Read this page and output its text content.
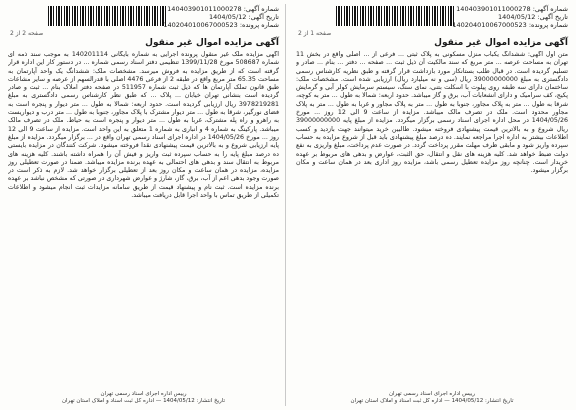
شماره آگهی: 140403901011000278
تاریخ آگهی: 1404/05/12
شماره پرونده: 140204010067000523
صفحه 2 از 2
آگهی مزایده اموال غیر منقول
آگهی مزایده ملک غیر منقول پرونده اجرایی به شماره بایگانی 140201114 به موجب سند ذمه ای شماره 508687 مورخ 1399/11/28 تنظیمی دفتر اسناد رسمی شماره ... در دستور کار این اداره قرار گرفته است که از طریق مزایده به فروش میرسد. مشخصات ملک: ششدانگ یک واحد آپارتمان به مساحت 65.35 متر مربع واقع در طبقه 2 از فرعی 4476 اصلی با قدرالسهم از عرصه و سایر مشاعات طبق قانون تملک آپارتمان ها که ذیل ثبت شماره 511957 در صفحه دفتر املاک بنام ... ثبت و صادر گردیده است بنشانی تهران خیابان ... پلاک ... که طبق نظر کارشناس رسمی دادگستری به مبلغ 3978219281 ریال ارزیابی گردیده است. حدود اربعه: شمالا به طول ... متر دیوار و پنجره است به فضای نورگیر، شرقا به طول ... متر دیوار مشترک با پلاک مجاور، جنوبا به طول ... متر درب و دیواریست به راهرو و راه پله مشترک، غربا به طول ... متر دیوار و پنجره است به حیاط. ملک در تصرف مالک میباشد. پارکینگ به شماره 4 و انباری به شماره 1 متعلق به این واحد است. مزایده از ساعت 9 الی 12 روز ... مورخ 1404/05/26 در اداره اجرای اسناد رسمی تهران واقع در ... برگزار میگردد. مزایده از مبلغ پایه ارزیابی شروع و به بالاترین قیمت پیشنهادی نقدا فروخته میشود. شرکت کنندگان در مزایده بایستی ده درصد مبلغ پایه را به حساب سپرده ثبت واریز و فیش آن را همراه داشته باشند. کلیه هزینه های مربوط به انتقال سند و بدهی های احتمالی به عهده برنده مزایده میباشد. ضمنا در صورت تعطیلی روز مزایده، مزایده در همان ساعت و مکان روز بعد از تعطیلی برگزار خواهد شد. لازم به ذکر است در صورت وجود بدهی اعم از آب، برق، گاز، شارژ و عوارض شهرداری در صورتی که مشخص نباشد بر عهده برنده مزایده است. ثبت نام و پیشنهاد قیمت از طریق سامانه مزایدات ثبت انجام میشود و اطلاعات تکمیلی از طریق تماس با واحد اجرا قابل دریافت میباشد.
رییس اداره اجرای اسناد رسمی تهران
تاریخ انتشار: 1404/05/12 — اداره کل ثبت اسناد و املاک استان تهران
شماره آگهی: 140403901011000278
تاریخ آگهی: 1404/05/12
شماره پرونده: 140204010067000523
صفحه 1 از 2
آگهی مزایده اموال غیر منقول
متن اول آگهی: ششدانگ یکباب منزل مسکونی به پلاک ثبتی ... فرعی از ... اصلی واقع در بخش 11 تهران به مساحت عرصه ... متر مربع که سند مالکیت آن ذیل ثبت ... صفحه ... دفتر ... بنام ... صادر و تسلیم گردیده است. در قبال طلب بستانکار مورد بازداشت قرار گرفته و طبق نظریه کارشناس رسمی دادگستری به مبلغ 39000000000 ریال (سی و نه میلیارد ریال) ارزیابی شده است. مشخصات ملک: ساختمان دارای سه طبقه روی پیلوت با اسکلت بتنی، نمای سنگ، سیستم سرمایش کولر آبی و گرمایش پکیج، کف سرامیک و دارای انشعابات آب، برق و گاز میباشد. حدود اربعه: شمالا به طول ... متر به کوچه، شرقا به طول ... متر به پلاک مجاور، جنوبا به طول ... متر به پلاک مجاور و غربا به طول ... متر به پلاک مجاور محدود است. ملک در تصرف مالک میباشد. مزایده از ساعت 9 الی 12 روز ... مورخ 1404/05/26 در محل اداره اجرای اسناد رسمی برگزار میگردد. مزایده از مبلغ پایه 39000000000 ریال شروع و به بالاترین قیمت پیشنهادی فروخته میشود. طالبین خرید میتوانند جهت بازدید و کسب اطلاعات بیشتر به اداره اجرا مراجعه نمایند. ده درصد مبلغ پیشنهادی باید قبل از شروع مزایده به حساب سپرده واریز شود و مابقی ظرف مهلت مقرر پرداخت گردد. در صورت عدم پرداخت، مبلغ واریزی به نفع دولت ضبط خواهد شد. کلیه هزینه های نقل و انتقال، حق الثبت، عوارض و بدهی های مربوط بر عهده خریدار است. چنانچه روز مزایده تعطیل رسمی باشد، مزایده روز اداری بعد در همان ساعت و مکان برگزار میشود.
رییس اداره اجرای اسناد رسمی تهران
تاریخ انتشار: 1404/05/12 — اداره کل ثبت اسناد و املاک استان تهران
